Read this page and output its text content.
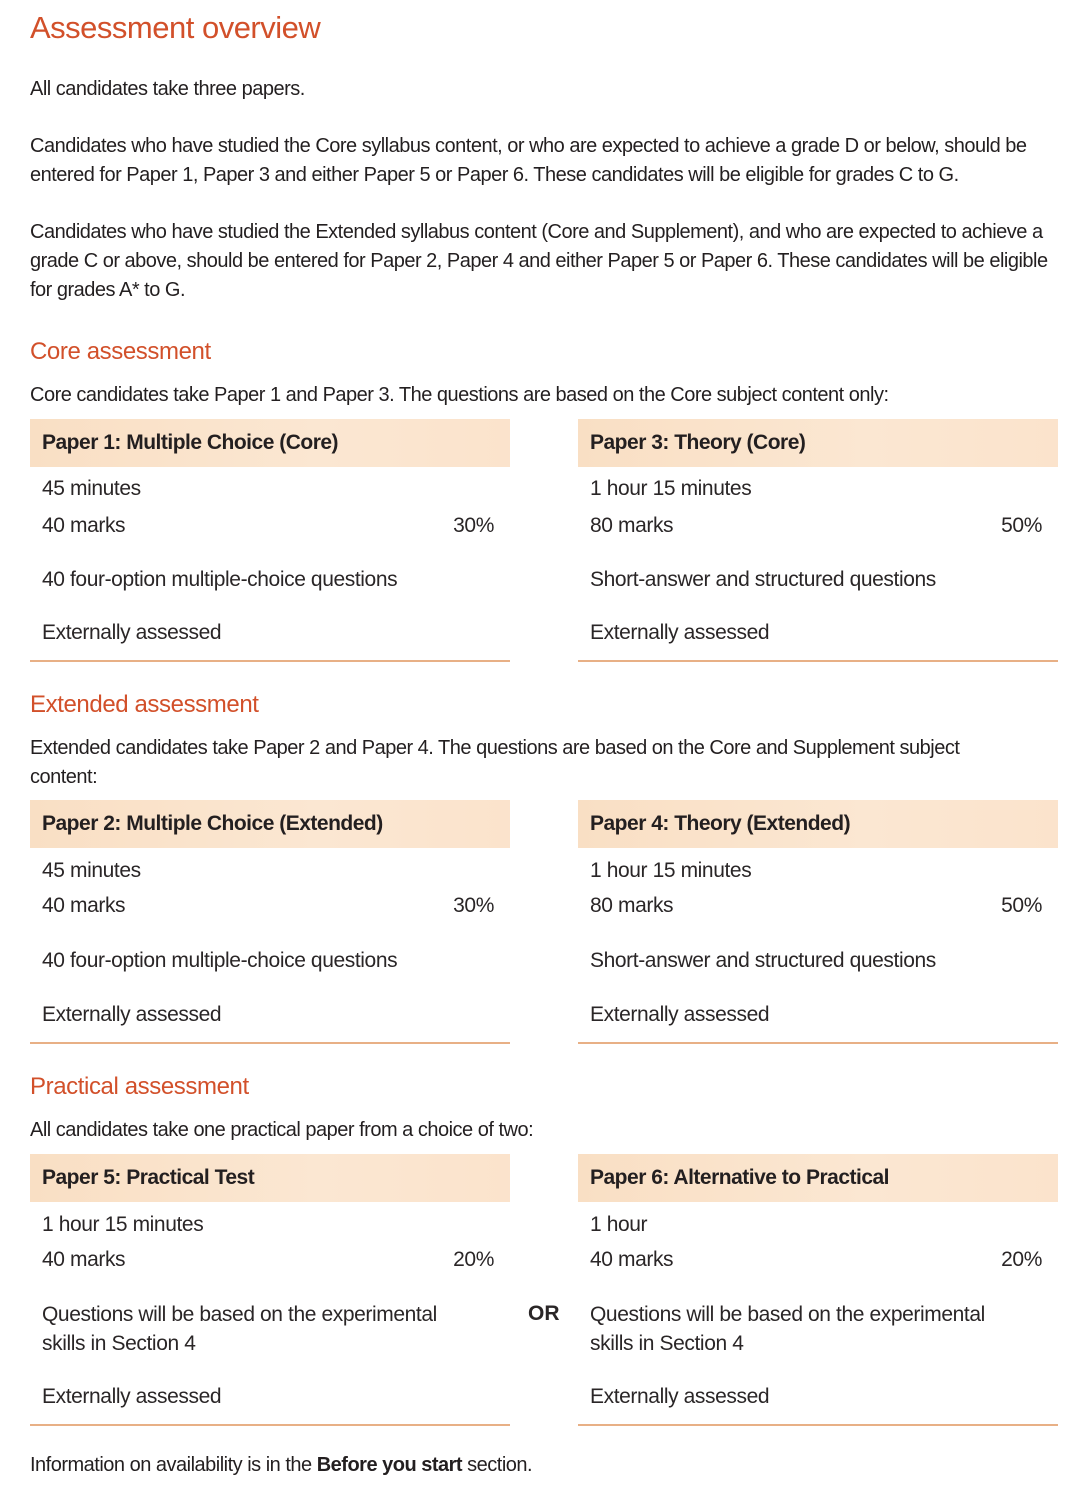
Assessment overview

All candidates take three papers.

Candidates who have studied the Core syllabus content, or who are expected to achieve a grade D or below, should be entered for Paper 1, Paper 3 and either Paper 5 or Paper 6. These candidates will be eligible for grades C to G.

Candidates who have studied the Extended syllabus content (Core and Supplement), and who are expected to achieve a grade C or above, should be entered for Paper 2, Paper 4 and either Paper 5 or Paper 6. These candidates will be eligible for grades A* to G.

Core assessment

Core candidates take Paper 1 and Paper 3. The questions are based on the Core subject content only:

Paper 1: Multiple Choice (Core)
45 minutes
40 marks	30%
40 four-option multiple-choice questions
Externally assessed
Paper 3: Theory (Core)
1 hour 15 minutes
80 marks	50%
Short-answer and structured questions
Externally assessed
Extended assessment

Extended candidates take Paper 2 and Paper 4. The questions are based on the Core and Supplement subject content:

Paper 2: Multiple Choice (Extended)
45 minutes
40 marks	30%
40 four-option multiple-choice questions
Externally assessed
Paper 4: Theory (Extended)
1 hour 15 minutes
80 marks	50%
Short-answer and structured questions
Externally assessed
Practical assessment

All candidates take one practical paper from a choice of two:

Paper 5: Practical Test
1 hour 15 minutes
40 marks	20%
Questions will be based on the experimental skills in Section 4
Externally assessed
OR
Paper 6: Alternative to Practical
1 hour
40 marks	20%
Questions will be based on the experimental skills in Section 4
Externally assessed

Information on availability is in the Before you start section.
